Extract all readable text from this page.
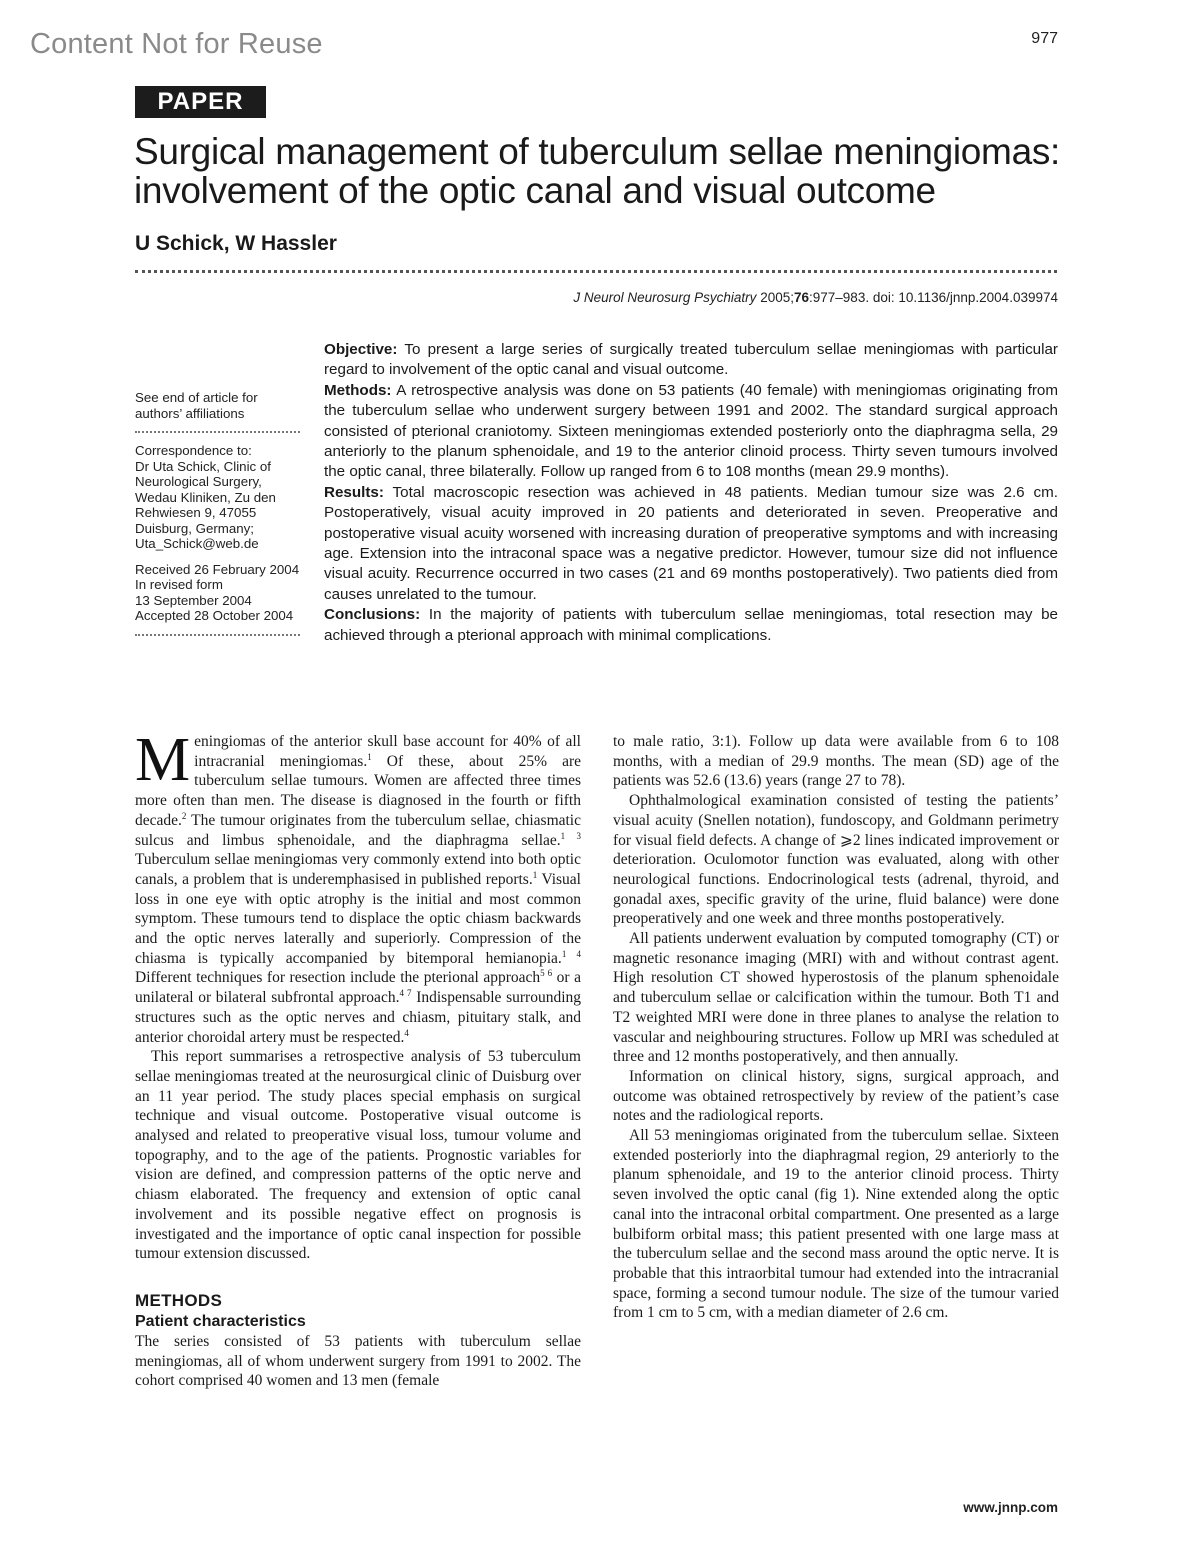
Content Not for Reuse	977
PAPER
Surgical management of tuberculum sellae meningiomas:
involvement of the optic canal and visual outcome
U Schick, W Hassler
J Neurol Neurosurg Psychiatry 2005;76:977–983. doi: 10.1136/jnnp.2004.039974

See end of article for authors’ affiliations

Correspondence to:

Dr Uta Schick, Clinic of Neurological Surgery, Wedau Kliniken, Zu den Rehwiesen 9, 47055 Duisburg, Germany;

Uta_Schick@web.de

Received 26 February 2004

In revised form

13 September 2004

Accepted 28 October 2004

Objective: To present a large series of surgically treated tuberculum sellae meningiomas with particular regard to involvement of the optic canal and visual outcome.

Methods: A retrospective analysis was done on 53 patients (40 female) with meningiomas originating from the tuberculum sellae who underwent surgery between 1991 and 2002. The standard surgical approach consisted of pterional craniotomy. Sixteen meningiomas extended posteriorly onto the diaphragma sella, 29 anteriorly to the planum sphenoidale, and 19 to the anterior clinoid process. Thirty seven tumours involved the optic canal, three bilaterally. Follow up ranged from 6 to 108 months (mean 29.9 months).

Results: Total macroscopic resection was achieved in 48 patients. Median tumour size was 2.6 cm. Postoperatively, visual acuity improved in 20 patients and deteriorated in seven. Preoperative and postoperative visual acuity worsened with increasing duration of preoperative symptoms and with increasing age. Extension into the intraconal space was a negative predictor. However, tumour size did not influence visual acuity. Recurrence occurred in two cases (21 and 69 months postoperatively). Two patients died from causes unrelated to the tumour.

Conclusions: In the majority of patients with tuberculum sellae meningiomas, total resection may be achieved through a pterional approach with minimal complications.

Meningiomas of the anterior skull base account for 40% of all intracranial meningiomas.$^1$ Of these, about 25% are tuberculum sellae tumours. Women are affected three times more often than men. The disease is diagnosed in the fourth or fifth decade.$^2$ The tumour originates from the tuberculum sellae, chiasmatic sulcus and limbus sphenoidale, and the diaphragma sellae.$^{1 3}$ Tuberculum sellae meningiomas very commonly extend into both optic canals, a problem that is underemphasised in published reports.$^1$ Visual loss in one eye with optic atrophy is the initial and most common symptom. These tumours tend to displace the optic chiasm backwards and the optic nerves laterally and superiorly. Compression of the chiasma is typically accompanied by bitemporal hemianopia.$^{1 4}$ Different techniques for resection include the pterional approach$^{5 6}$ or a unilateral or bilateral subfrontal approach.$^{4 7}$ Indispensable surrounding structures such as the optic nerves and chiasm, pituitary stalk, and anterior choroidal artery must be respected.$^4$

This report summarises a retrospective analysis of 53 tuberculum sellae meningiomas treated at the neurosurgical clinic of Duisburg over an 11 year period. The study places special emphasis on surgical technique and visual outcome. Postoperative visual outcome is analysed and related to preoperative visual loss, tumour volume and topography, and to the age of the patients. Prognostic variables for vision are defined, and compression patterns of the optic nerve and chiasm elaborated. The frequency and extension of optic canal involvement and its possible negative effect on prognosis is investigated and the importance of optic canal inspection for possible tumour extension discussed.

METHODS
Patient characteristics

The series consisted of 53 patients with tuberculum sellae meningiomas, all of whom underwent surgery from 1991 to 2002. The cohort comprised 40 women and 13 men (female

to male ratio, 3:1). Follow up data were available from 6 to 108 months, with a median of 29.9 months. The mean (SD) age of the patients was 52.6 (13.6) years (range 27 to 78).

Ophthalmological examination consisted of testing the patients’ visual acuity (Snellen notation), fundoscopy, and Goldmann perimetry for visual field defects. A change of ⩾2 lines indicated improvement or deterioration. Oculomotor function was evaluated, along with other neurological functions. Endocrinological tests (adrenal, thyroid, and gonadal axes, specific gravity of the urine, fluid balance) were done preoperatively and one week and three months postoperatively.

All patients underwent evaluation by computed tomography (CT) or magnetic resonance imaging (MRI) with and without contrast agent. High resolution CT showed hyperostosis of the planum sphenoidale and tuberculum sellae or calcification within the tumour. Both T1 and T2 weighted MRI were done in three planes to analyse the relation to vascular and neighbouring structures. Follow up MRI was scheduled at three and 12 months postoperatively, and then annually.

Information on clinical history, signs, surgical approach, and outcome was obtained retrospectively by review of the patient’s case notes and the radiological reports.

All 53 meningiomas originated from the tuberculum sellae. Sixteen extended posteriorly into the diaphragmal region, 29 anteriorly to the planum sphenoidale, and 19 to the anterior clinoid process. Thirty seven involved the optic canal (fig 1). Nine extended along the optic canal into the intraconal orbital compartment. One presented as a large bulbiform orbital mass; this patient presented with one large mass at the tuberculum sellae and the second mass around the optic nerve. It is probable that this intraorbital tumour had extended into the intracranial space, forming a second tumour nodule. The size of the tumour varied from 1 cm to 5 cm, with a median diameter of 2.6 cm.

www.jnnp.com
